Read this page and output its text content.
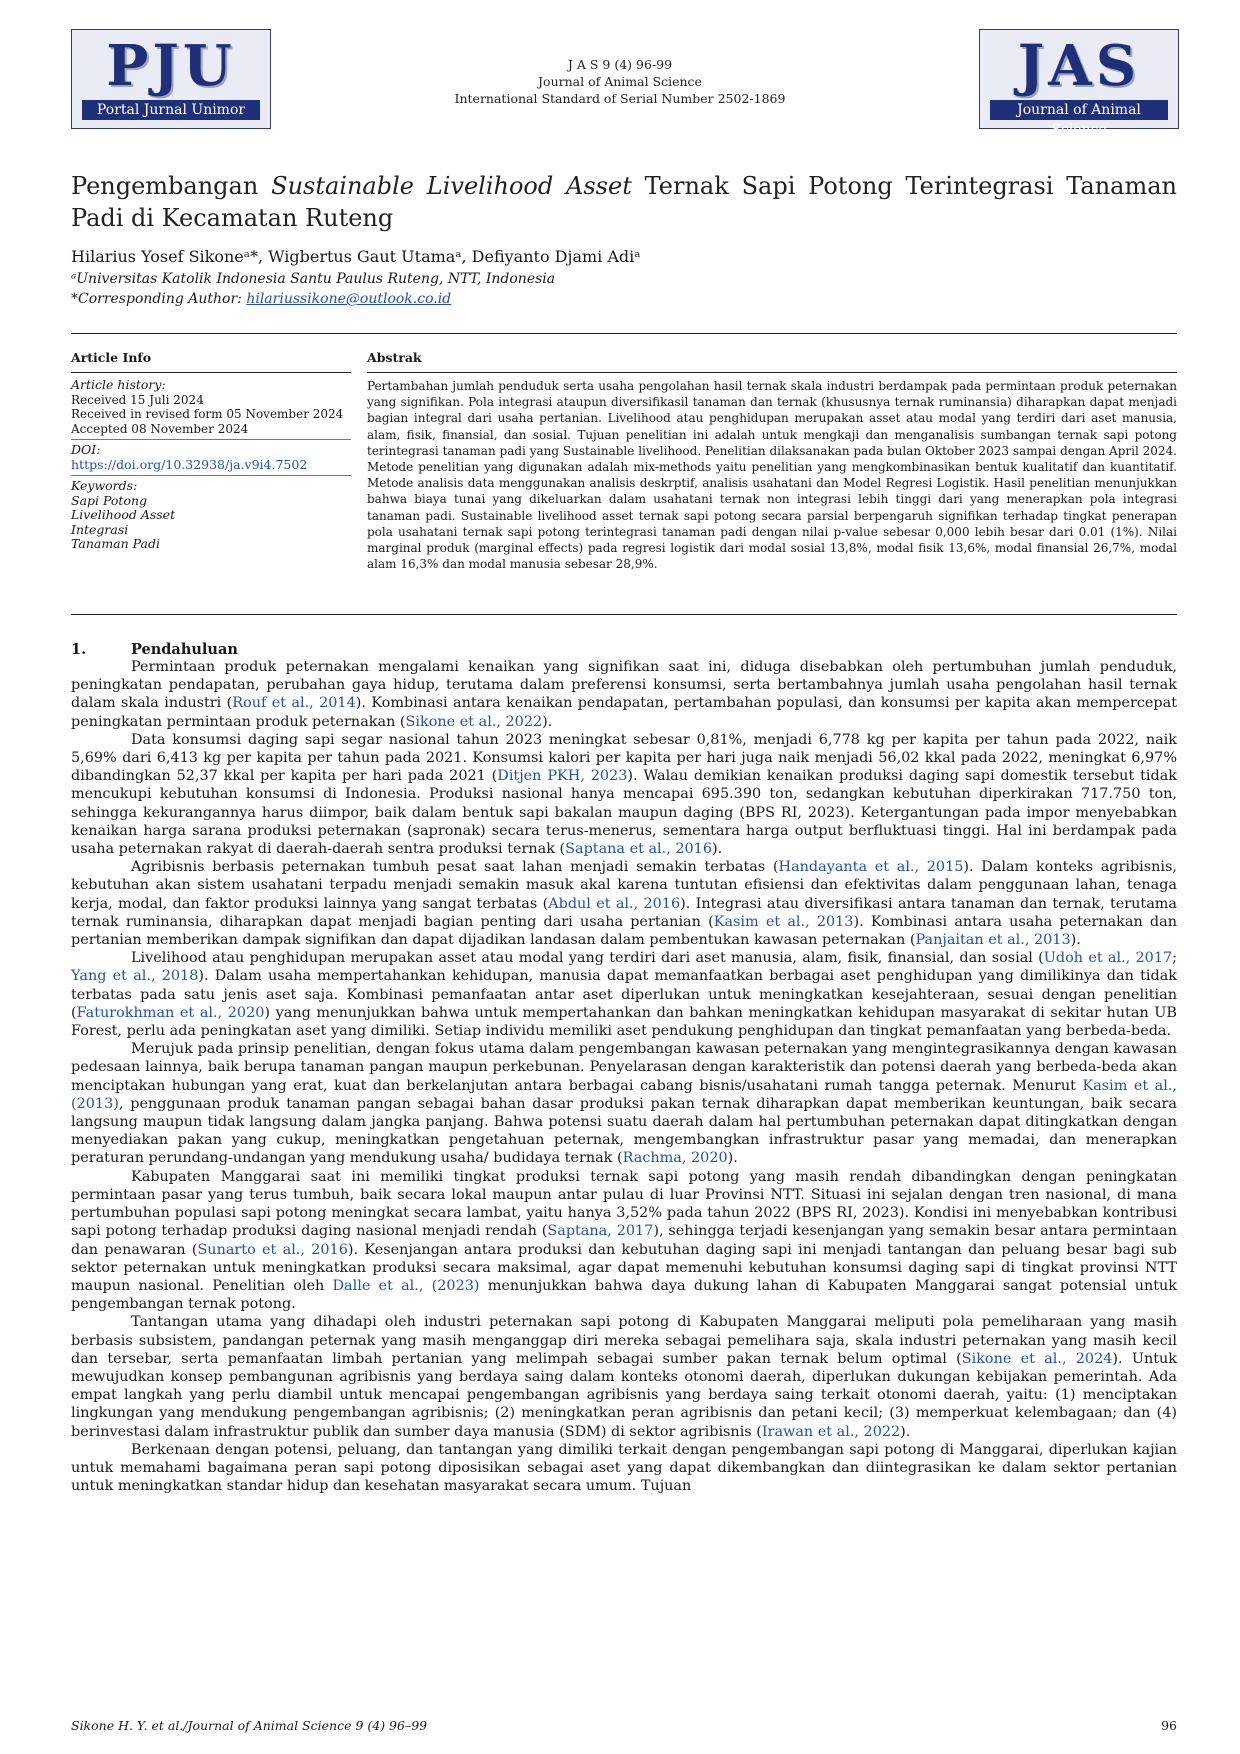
PJU
Portal Jurnal Unimor
J A S 9 (4) 96-99
Journal of Animal Science
International Standard of Serial Number 2502-1869	JAS
Journal of Animal Science
Pengembangan Sustainable Livelihood Asset Ternak Sapi Potong Terintegrasi Tanaman Padi di Kecamatan Ruteng
Hilarius Yosef Sikoneᵃ*, Wigbertus Gaut Utamaᵃ, Defiyanto Djami Adiᵃ
ᵃUniversitas Katolik Indonesia Santu Paulus Ruteng, NTT, Indonesia
*Corresponding Author: hilariussikone@outlook.co.id
Article Info	Abstrak
Article history:
Received 15 Juli 2024
Received in revised form 05 November 2024
Accepted 08 November 2024
DOI:
https://doi.org/10.32938/ja.v9i4.7502
Keywords:
Sapi Potong
Livelihood Asset
Integrasi
Tanaman Padi
Pertambahan jumlah penduduk serta usaha pengolahan hasil ternak skala industri berdampak pada permintaan produk peternakan yang signifikan. Pola integrasi ataupun diversifikasil tanaman dan ternak (khususnya ternak ruminansia) diharapkan dapat menjadi bagian integral dari usaha pertanian. Livelihood atau penghidupan merupakan asset atau modal yang terdiri dari aset manusia, alam, fisik, finansial, dan sosial. Tujuan penelitian ini adalah untuk mengkaji dan menganalisis sumbangan ternak sapi potong terintegrasi tanaman padi yang Sustainable livelihood. Penelitian dilaksanakan pada bulan Oktober 2023 sampai dengan April 2024. Metode penelitian yang digunakan adalah mix-methods yaitu penelitian yang mengkombinasikan bentuk kualitatif dan kuantitatif. Metode analisis data menggunakan analisis deskrptif, analisis usahatani dan Model Regresi Logistik. Hasil penelitian menunjukkan bahwa biaya tunai yang dikeluarkan dalam usahatani ternak non integrasi lebih tinggi dari yang menerapkan pola integrasi tanaman padi. Sustainable livelihood asset ternak sapi potong secara parsial berpengaruh signifikan terhadap tingkat penerapan pola usahatani ternak sapi potong terintegrasi tanaman padi dengan nilai p-value sebesar 0,000 lebih besar dari 0.01 (1%). Nilai marginal produk (marginal effects) pada regresi logistik dari modal sosial 13,8%, modal fisik 13,6%, modal finansial 26,7%, modal alam 16,3% dan modal manusia sebesar 28,9%.
1.	Pendahuluan

Permintaan produk peternakan mengalami kenaikan yang signifikan saat ini, diduga disebabkan oleh pertumbuhan jumlah penduduk, peningkatan pendapatan, perubahan gaya hidup, terutama dalam preferensi konsumsi, serta bertambahnya jumlah usaha pengolahan hasil ternak dalam skala industri (Rouf et al., 2014). Kombinasi antara kenaikan pendapatan, pertambahan populasi, dan konsumsi per kapita akan mempercepat peningkatan permintaan produk peternakan (Sikone et al., 2022).

Data konsumsi daging sapi segar nasional tahun 2023 meningkat sebesar 0,81%, menjadi 6,778 kg per kapita per tahun pada 2022, naik 5,69% dari 6,413 kg per kapita per tahun pada 2021. Konsumsi kalori per kapita per hari juga naik menjadi 56,02 kkal pada 2022, meningkat 6,97% dibandingkan 52,37 kkal per kapita per hari pada 2021 (Ditjen PKH, 2023). Walau demikian kenaikan produksi daging sapi domestik tersebut tidak mencukupi kebutuhan konsumsi di Indonesia. Produksi nasional hanya mencapai 695.390 ton, sedangkan kebutuhan diperkirakan 717.750 ton, sehingga kekurangannya harus diimpor, baik dalam bentuk sapi bakalan maupun daging (BPS RI, 2023). Ketergantungan pada impor menyebabkan kenaikan harga sarana produksi peternakan (sapronak) secara terus-menerus, sementara harga output berfluktuasi tinggi. Hal ini berdampak pada usaha peternakan rakyat di daerah-daerah sentra produksi ternak (Saptana et al., 2016).

Agribisnis berbasis peternakan tumbuh pesat saat lahan menjadi semakin terbatas (Handayanta et al., 2015). Dalam konteks agribisnis, kebutuhan akan sistem usahatani terpadu menjadi semakin masuk akal karena tuntutan efisiensi dan efektivitas dalam penggunaan lahan, tenaga kerja, modal, dan faktor produksi lainnya yang sangat terbatas (Abdul et al., 2016). Integrasi atau diversifikasi antara tanaman dan ternak, terutama ternak ruminansia, diharapkan dapat menjadi bagian penting dari usaha pertanian (Kasim et al., 2013). Kombinasi antara usaha peternakan dan pertanian memberikan dampak signifikan dan dapat dijadikan landasan dalam pembentukan kawasan peternakan (Panjaitan et al., 2013).

Livelihood atau penghidupan merupakan asset atau modal yang terdiri dari aset manusia, alam, fisik, finansial, dan sosial (Udoh et al., 2017; Yang et al., 2018). Dalam usaha mempertahankan kehidupan, manusia dapat memanfaatkan berbagai aset penghidupan yang dimilikinya dan tidak terbatas pada satu jenis aset saja. Kombinasi pemanfaatan antar aset diperlukan untuk meningkatkan kesejahteraan, sesuai dengan penelitian (Faturokhman et al., 2020) yang menunjukkan bahwa untuk mempertahankan dan bahkan meningkatkan kehidupan masyarakat di sekitar hutan UB Forest, perlu ada peningkatan aset yang dimiliki. Setiap individu memiliki aset pendukung penghidupan dan tingkat pemanfaatan yang berbeda-beda.

Merujuk pada prinsip penelitian, dengan fokus utama dalam pengembangan kawasan peternakan yang mengintegrasikannya dengan kawasan pedesaan lainnya, baik berupa tanaman pangan maupun perkebunan. Penyelarasan dengan karakteristik dan potensi daerah yang berbeda-beda akan menciptakan hubungan yang erat, kuat dan berkelanjutan antara berbagai cabang bisnis/usahatani rumah tangga peternak. Menurut Kasim et al., (2013), penggunaan produk tanaman pangan sebagai bahan dasar produksi pakan ternak diharapkan dapat memberikan keuntungan, baik secara langsung maupun tidak langsung dalam jangka panjang. Bahwa potensi suatu daerah dalam hal pertumbuhan peternakan dapat ditingkatkan dengan menyediakan pakan yang cukup, meningkatkan pengetahuan peternak, mengembangkan infrastruktur pasar yang memadai, dan menerapkan peraturan perundang-undangan yang mendukung usaha/ budidaya ternak (Rachma, 2020).

Kabupaten Manggarai saat ini memiliki tingkat produksi ternak sapi potong yang masih rendah dibandingkan dengan peningkatan permintaan pasar yang terus tumbuh, baik secara lokal maupun antar pulau di luar Provinsi NTT. Situasi ini sejalan dengan tren nasional, di mana pertumbuhan populasi sapi potong meningkat secara lambat, yaitu hanya 3,52% pada tahun 2022 (BPS RI, 2023). Kondisi ini menyebabkan kontribusi sapi potong terhadap produksi daging nasional menjadi rendah (Saptana, 2017), sehingga terjadi kesenjangan yang semakin besar antara permintaan dan penawaran (Sunarto et al., 2016). Kesenjangan antara produksi dan kebutuhan daging sapi ini menjadi tantangan dan peluang besar bagi sub sektor peternakan untuk meningkatkan produksi secara maksimal, agar dapat memenuhi kebutuhan konsumsi daging sapi di tingkat provinsi NTT maupun nasional. Penelitian oleh Dalle et al., (2023) menunjukkan bahwa daya dukung lahan di Kabupaten Manggarai sangat potensial untuk pengembangan ternak potong.

Tantangan utama yang dihadapi oleh industri peternakan sapi potong di Kabupaten Manggarai meliputi pola pemeliharaan yang masih berbasis subsistem, pandangan peternak yang masih menganggap diri mereka sebagai pemelihara saja, skala industri peternakan yang masih kecil dan tersebar, serta pemanfaatan limbah pertanian yang melimpah sebagai sumber pakan ternak belum optimal (Sikone et al., 2024). Untuk mewujudkan konsep pembangunan agribisnis yang berdaya saing dalam konteks otonomi daerah, diperlukan dukungan kebijakan pemerintah. Ada empat langkah yang perlu diambil untuk mencapai pengembangan agribisnis yang berdaya saing terkait otonomi daerah, yaitu: (1) menciptakan lingkungan yang mendukung pengembangan agribisnis; (2) meningkatkan peran agribisnis dan petani kecil; (3) memperkuat kelembagaan; dan (4) berinvestasi dalam infrastruktur publik dan sumber daya manusia (SDM) di sektor agribisnis (Irawan et al., 2022).

Berkenaan dengan potensi, peluang, dan tantangan yang dimiliki terkait dengan pengembangan sapi potong di Manggarai, diperlukan kajian untuk memahami bagaimana peran sapi potong diposisikan sebagai aset yang dapat dikembangkan dan diintegrasikan ke dalam sektor pertanian untuk meningkatkan standar hidup dan kesehatan masyarakat secara umum. Tujuan

Sikone H. Y. et al./Journal of Animal Science 9 (4) 96–99	96
